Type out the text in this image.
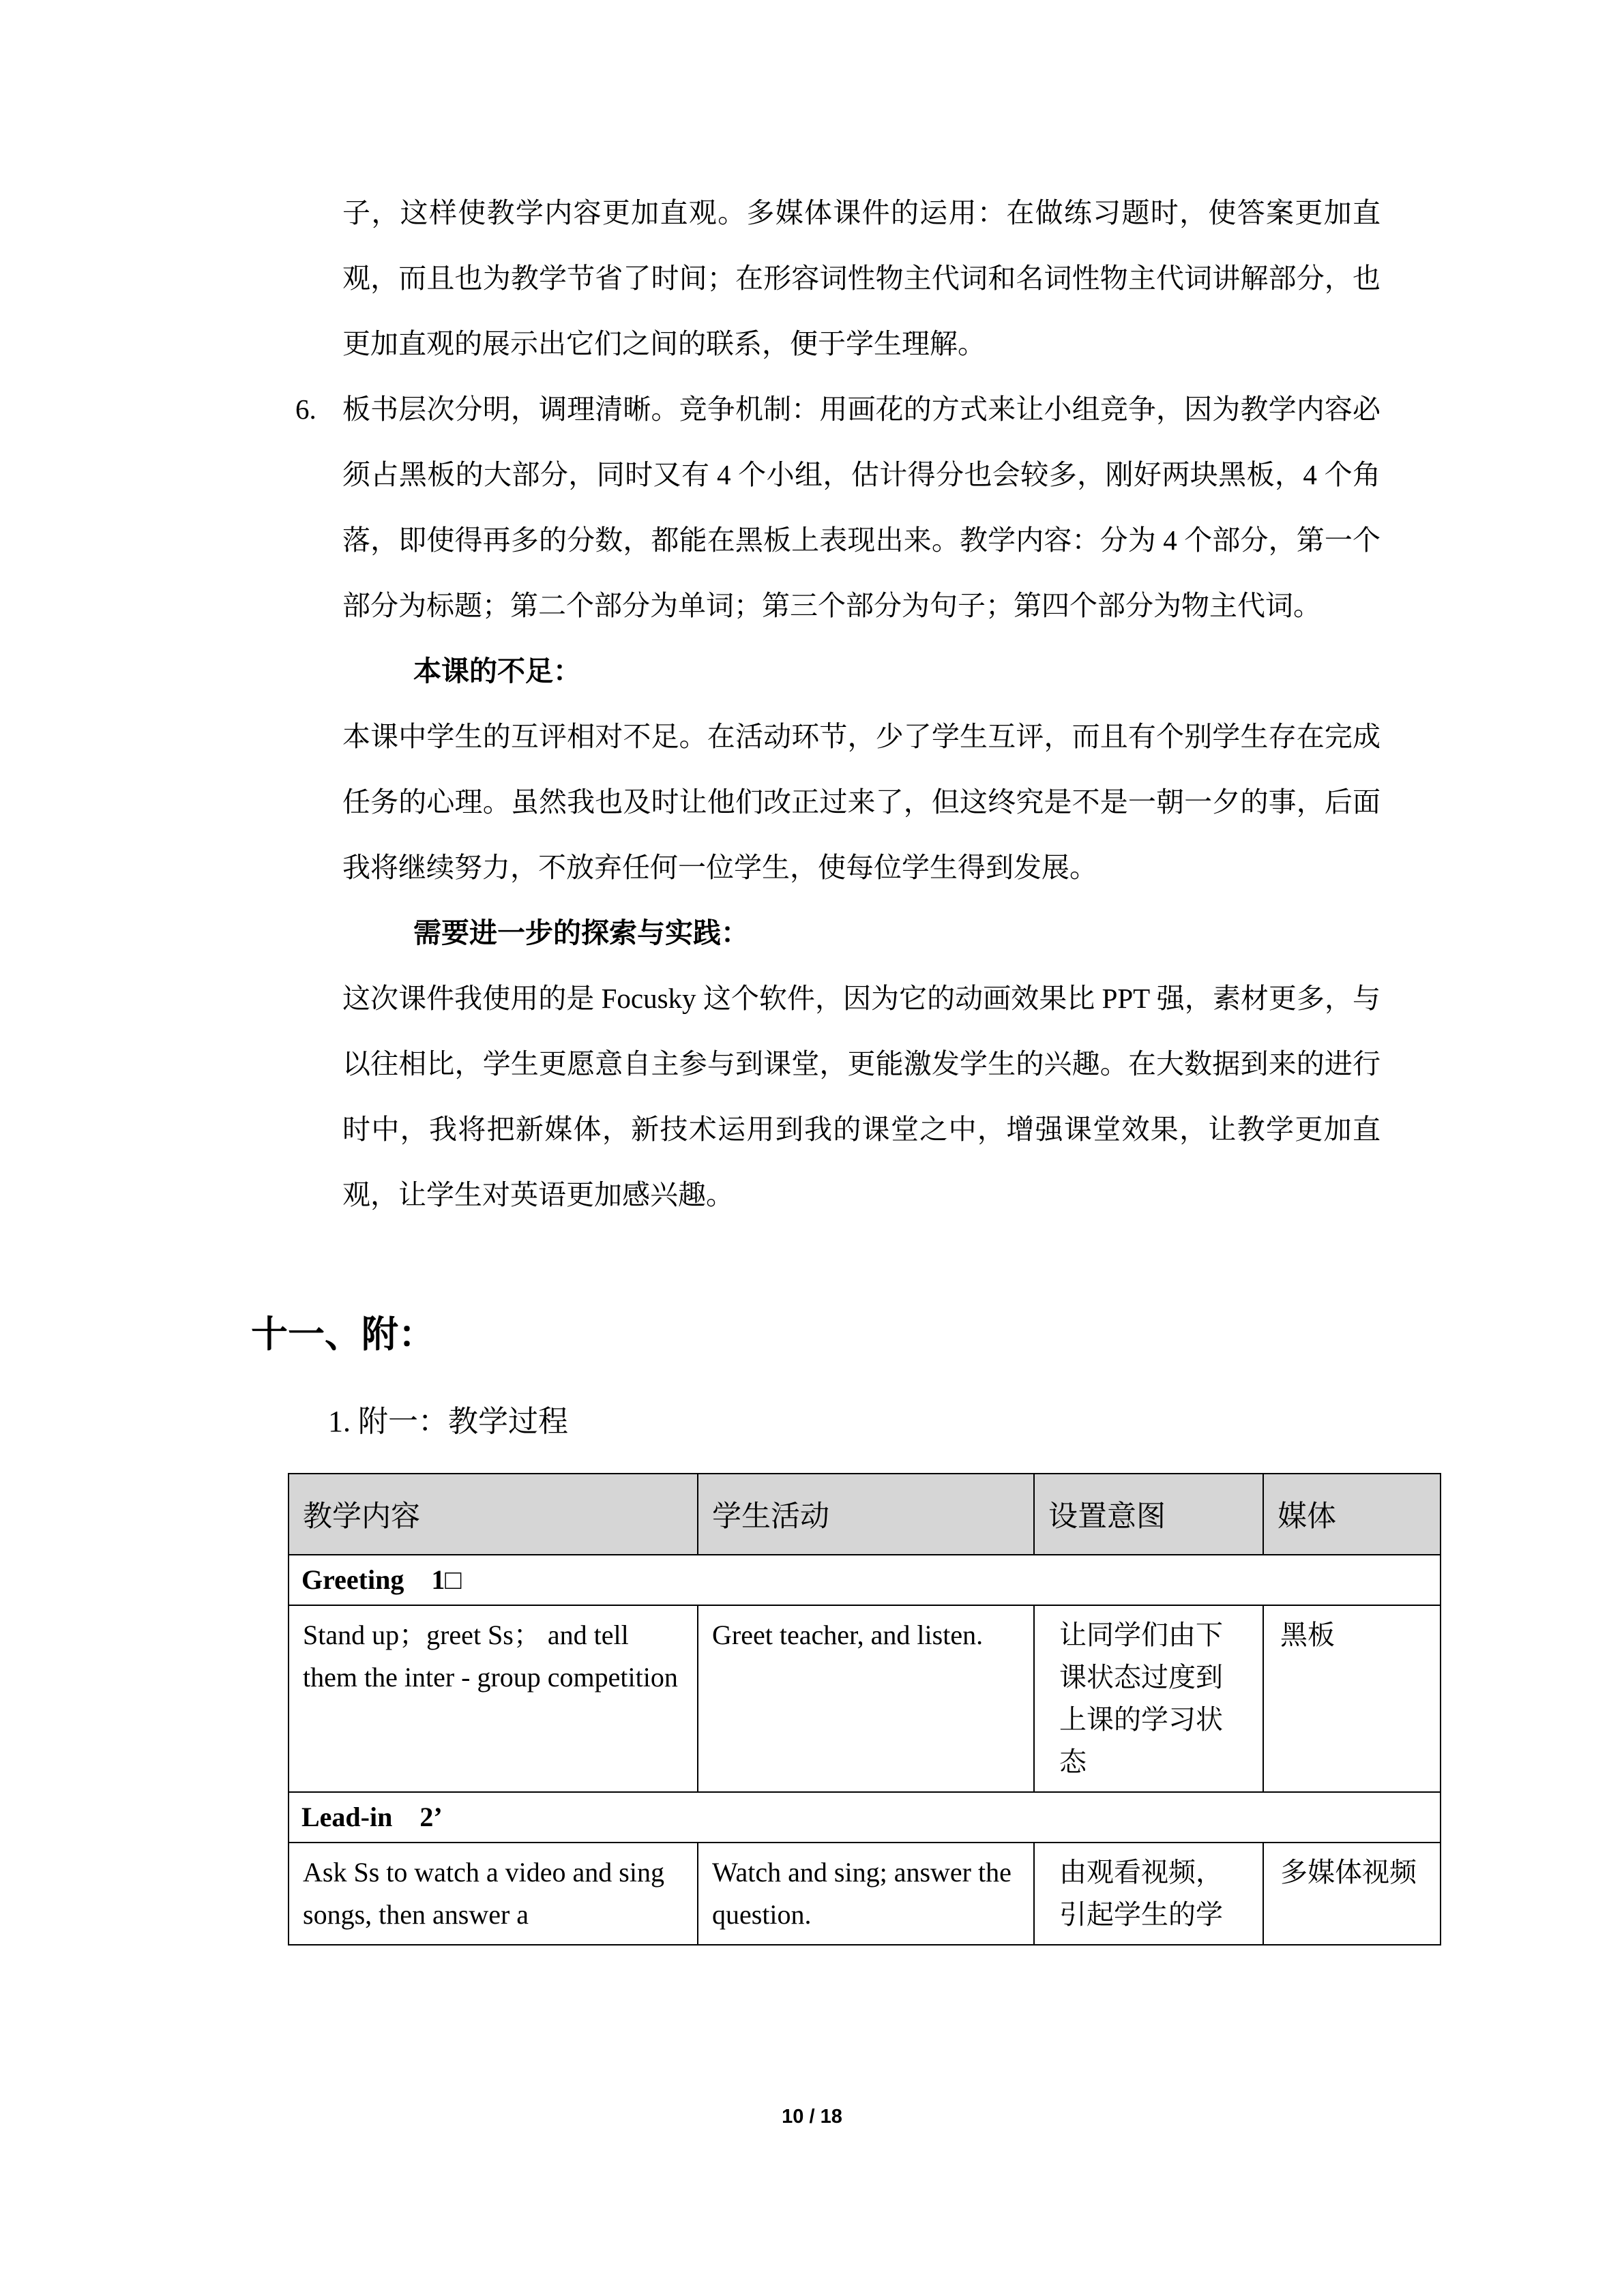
子，这样使教学内容更加直观。多媒体课件的运用：在做练习题时，使答案更加直观，而且也为教学节省了时间；在形容词性物主代词和名词性物主代词讲解部分，也更加直观的展示出它们之间的联系，便于学生理解。

6. 板书层次分明，调理清晰。竞争机制：用画花的方式来让小组竞争，因为教学内容必须占黑板的大部分，同时又有 4 个小组，估计得分也会较多，刚好两块黑板，4 个角落，即使得再多的分数，都能在黑板上表现出来。教学内容：分为 4 个部分，第一个部分为标题；第二个部分为单词；第三个部分为句子；第四个部分为物主代词。

本课的不足：

本课中学生的互评相对不足。在活动环节，少了学生互评，而且有个别学生存在完成任务的心理。虽然我也及时让他们改正过来了，但这终究是不是一朝一夕的事，后面我将继续努力，不放弃任何一位学生，使每位学生得到发展。

需要进一步的探索与实践：

这次课件我使用的是 Focusky 这个软件，因为它的动画效果比 PPT 强，素材更多，与以往相比，学生更愿意自主参与到课堂，更能激发学生的兴趣。在大数据到来的进行时中，我将把新媒体，新技术运用到我的课堂之中，增强课堂效果，让教学更加直观，让学生对英语更加感兴趣。

十一、附：
1. 附一：教学过程
教学内容	学生活动	设置意图	媒体
Greeting　1□			
Stand up；greet Ss； and tell them the inter - group competition	Greet teacher, and listen.	让同学们由下课状态过度到上课的学习状态	黑板
Lead-in　2’			
Ask Ss to watch a video and sing songs, then answer a	Watch and sing; answer the question.	由观看视频，引起学生的学	多媒体视频
10 / 18
